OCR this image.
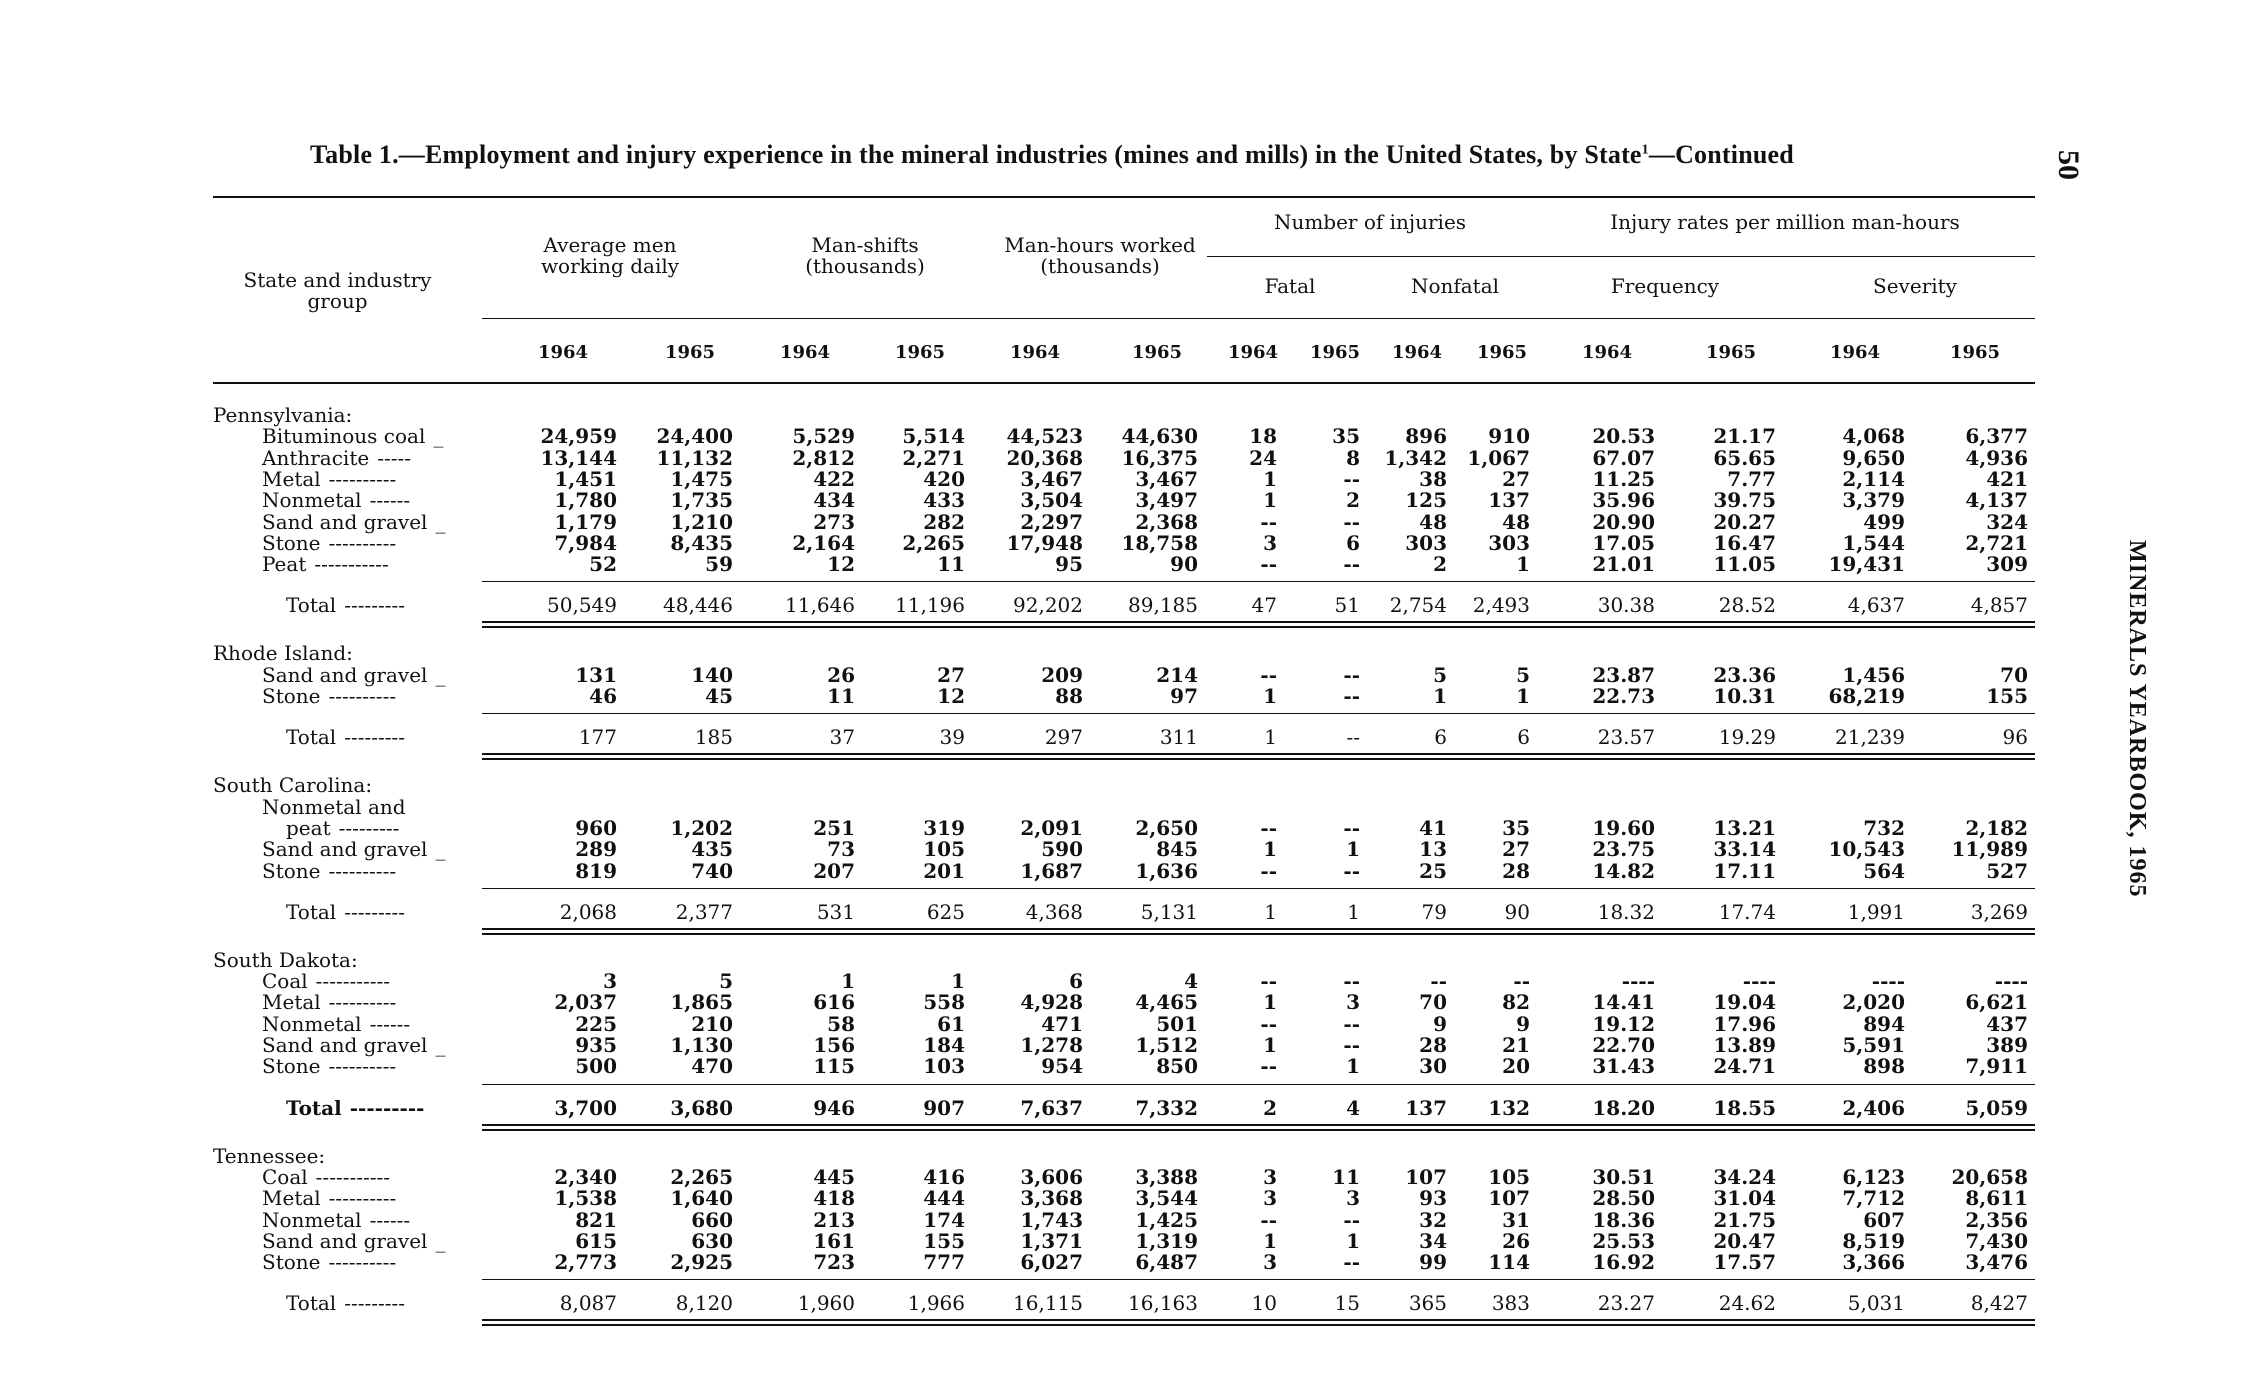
Table 1.—Employment and injury experience in the mineral industries (mines and mills) in the United States, by State$^1$—Continued	50
MINERALS YEARBOOK, 1965
State and industry group
Average men working daily
Man-shifts (thousands)
Man-hours worked (thousands)
Number of injuries
Fatal	Nonfatal
Injury rates per million man-hours
Frequency	Severity
1964	1965	1964	1965	1964	1965	1964	1965	1964	1965	1964	1965	1964	1965
Pennsylvania:
Bituminous coal _	24,959	24,400	5,529	5,514	44,523	44,630	18	35	896	910	20.53	21.17	4,068	6,377
Anthracite -----	13,144	11,132	2,812	2,271	20,368	16,375	24	8	1,342	1,067	67.07	65.65	9,650	4,936
Metal ----------	1,451	1,475	422	420	3,467	3,467	1	--	38	27	11.25	7.77	2,114	421
Nonmetal ------	1,780	1,735	434	433	3,504	3,497	1	2	125	137	35.96	39.75	3,379	4,137
Sand and gravel _	1,179	1,210	273	282	2,297	2,368	--	--	48	48	20.90	20.27	499	324
Stone ----------	7,984	8,435	2,164	2,265	17,948	18,758	3	6	303	303	17.05	16.47	1,544	2,721
Peat -----------	52	59	12	11	95	90	--	--	2	1	21.01	11.05	19,431	309
Total ---------	50,549	48,446	11,646	11,196	92,202	89,185	47	51	2,754	2,493	30.38	28.52	4,637	4,857
Rhode Island:
Sand and gravel _	131	140	26	27	209	214	--	--	5	5	23.87	23.36	1,456	70
Stone ----------	46	45	11	12	88	97	1	--	1	1	22.73	10.31	68,219	155
Total ---------	177	185	37	39	297	311	1	--	6	6	23.57	19.29	21,239	96
South Carolina:
Nonmetal and
peat ---------	960	1,202	251	319	2,091	2,650	--	--	41	35	19.60	13.21	732	2,182
Sand and gravel _	289	435	73	105	590	845	1	1	13	27	23.75	33.14	10,543	11,989
Stone ----------	819	740	207	201	1,687	1,636	--	--	25	28	14.82	17.11	564	527
Total ---------	2,068	2,377	531	625	4,368	5,131	1	1	79	90	18.32	17.74	1,991	3,269
South Dakota:
Coal -----------	3	5	1	1	6	4	--	--	--	--	----	----	----	----
Metal ----------	2,037	1,865	616	558	4,928	4,465	1	3	70	82	14.41	19.04	2,020	6,621
Nonmetal ------	225	210	58	61	471	501	--	--	9	9	19.12	17.96	894	437
Sand and gravel _	935	1,130	156	184	1,278	1,512	1	--	28	21	22.70	13.89	5,591	389
Stone ----------	500	470	115	103	954	850	--	1	30	20	31.43	24.71	898	7,911
Total ---------	3,700	3,680	946	907	7,637	7,332	2	4	137	132	18.20	18.55	2,406	5,059
Tennessee:
Coal -----------	2,340	2,265	445	416	3,606	3,388	3	11	107	105	30.51	34.24	6,123	20,658
Metal ----------	1,538	1,640	418	444	3,368	3,544	3	3	93	107	28.50	31.04	7,712	8,611
Nonmetal ------	821	660	213	174	1,743	1,425	--	--	32	31	18.36	21.75	607	2,356
Sand and gravel _	615	630	161	155	1,371	1,319	1	1	34	26	25.53	20.47	8,519	7,430
Stone ----------	2,773	2,925	723	777	6,027	6,487	3	--	99	114	16.92	17.57	3,366	3,476
Total ---------	8,087	8,120	1,960	1,966	16,115	16,163	10	15	365	383	23.27	24.62	5,031	8,427
